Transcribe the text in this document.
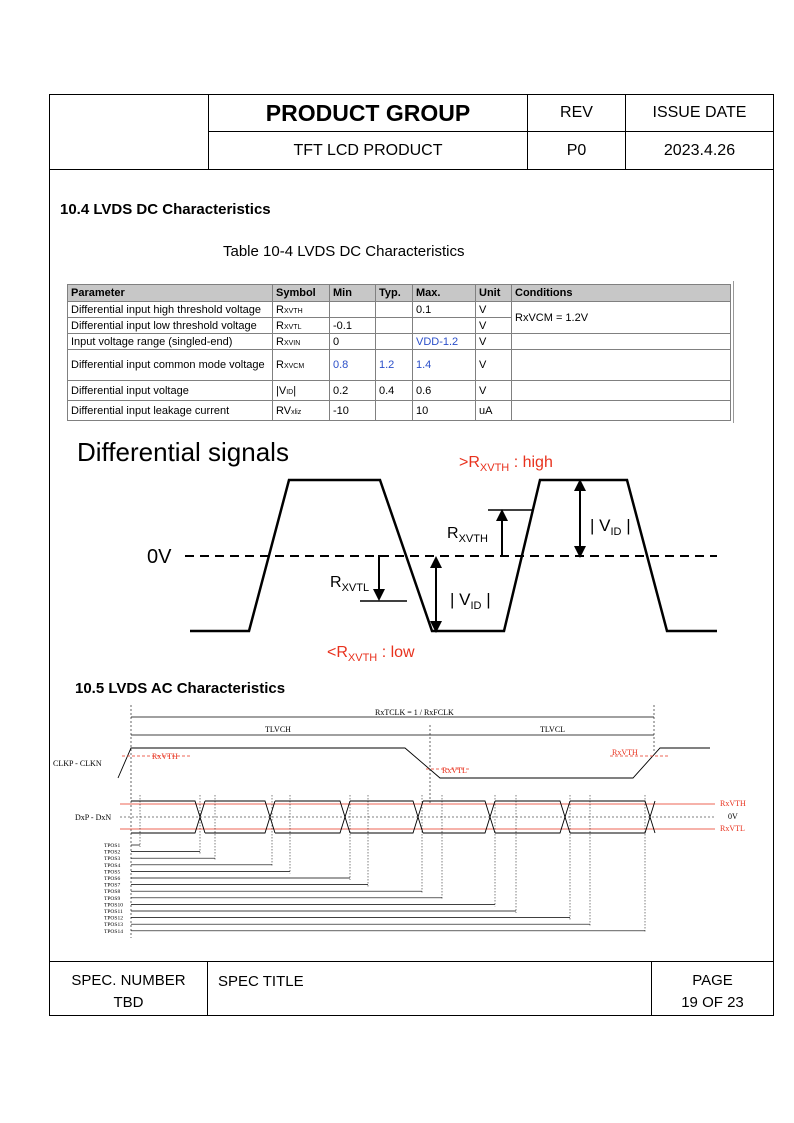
PRODUCT GROUP	REV	ISSUE DATE
TFT LCD PRODUCT	P0	2023.4.26
10.4 LVDS DC Characteristics
Table 10-4 LVDS DC Characteristics
Parameter	Symbol	Min	Typ.	Max.	Unit	Conditions
Differential input high threshold voltage	RXVTH			0.1	V	RxVCM = 1.2V
Differential input low threshold voltage	RXVTL	-0.1			V	
Input voltage range (singled-end)	RXVIN	0		VDD-1.2	V	
Differential input common mode voltage	RXVCM	0.8	1.2	1.4	V	
Differential input voltage	|VID|	0.2	0.4	0.6	V	
Differential input leakage current	RVxliz	-10		10	uA	
Differential signals	$>R_{XVTH}$ : high
0V
$R_{XVTL}$
$R_{XVTH}$
| $V_{ID}$ |
| $V_{ID}$ |
$<R_{XVTH}$ : low
10.5 LVDS AC Characteristics
RxTCLK = 1 / RxFCLK
TLVCH	TLVCL
CLKP - CLKN
RxVTH
RxVTL
RxVTH
DxP - DxN
RxVTH
0V
RxVTL
TPOS1
TPOS2
TPOS3
TPOS4
TPOS5
TPOS6
TPOS7
TPOS8
TPOS9
TPOS10
TPOS11
TPOS12
TPOS13
TPOS14
SPEC. NUMBER
TBD
SPEC TITLE	PAGE
19 OF 23
